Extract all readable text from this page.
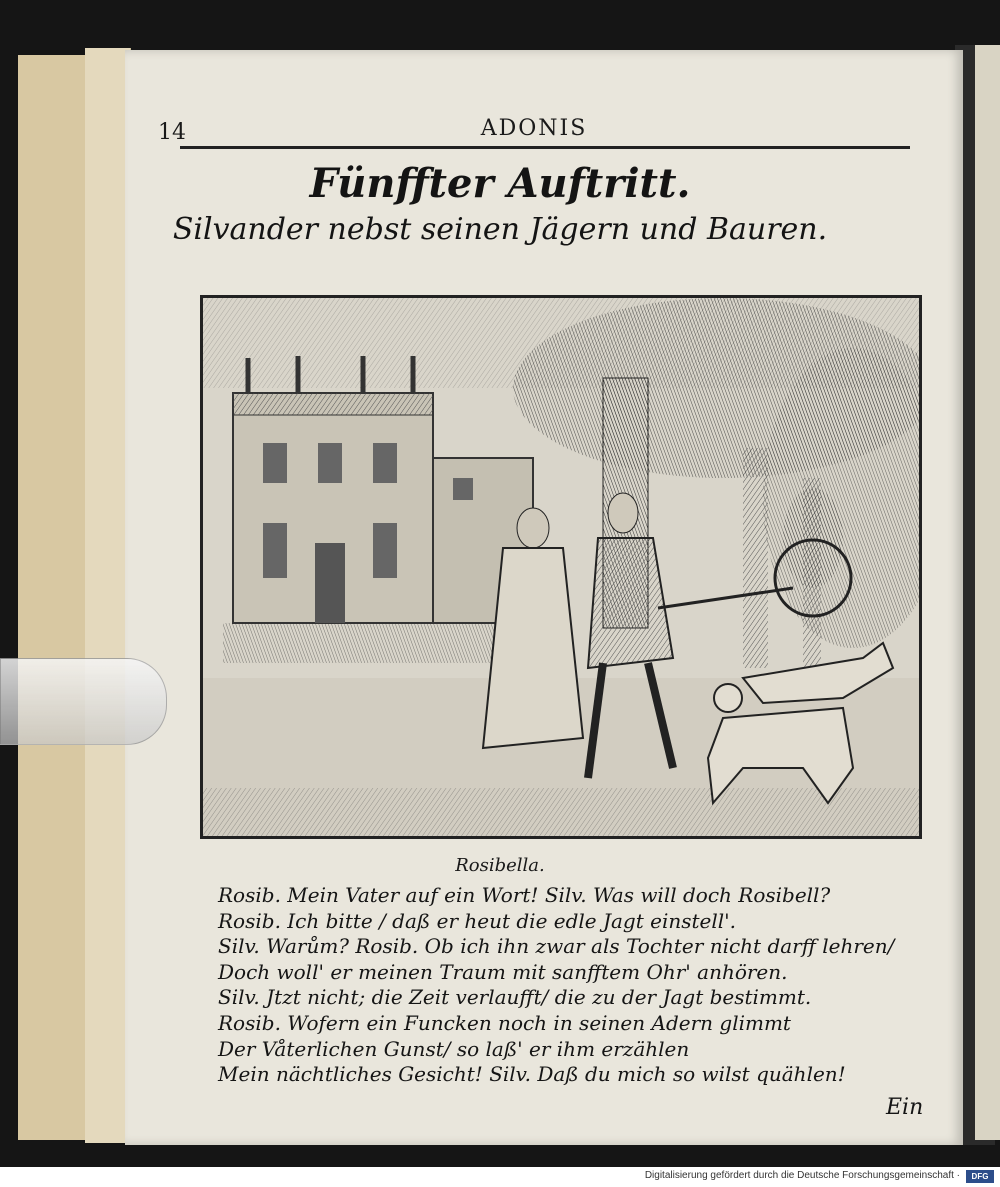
14	ADONIS
Fünffter Auftritt.
Silvander nebst seinen Jägern und Bauren.
Rosibella.
Rosib. Mein Vater auf ein Wort! Silv. Was will doch Rosibell?
Rosib. Ich bitte / daß er heut die edle Jagt einstell'.
Silv. Warům? Rosib. Ob ich ihn zwar als Tochter nicht darff lehren/
Doch woll' er meinen Traum mit sanfftem Ohr' anhören.
Silv. Jtzt nicht; die Zeit verlaufft/ die zu der Jagt bestimmt.
Rosib. Wofern ein Funcken noch in seinen Adern glimmt
Der Våterlichen Gunst/ so laß' er ihm erzählen
Mein nächtliches Gesicht! Silv. Daß du mich so wilst quählen!
Ein
Digitalisierung gefördert durch die Deutsche Forschungsgemeinschaft ·	DFG
